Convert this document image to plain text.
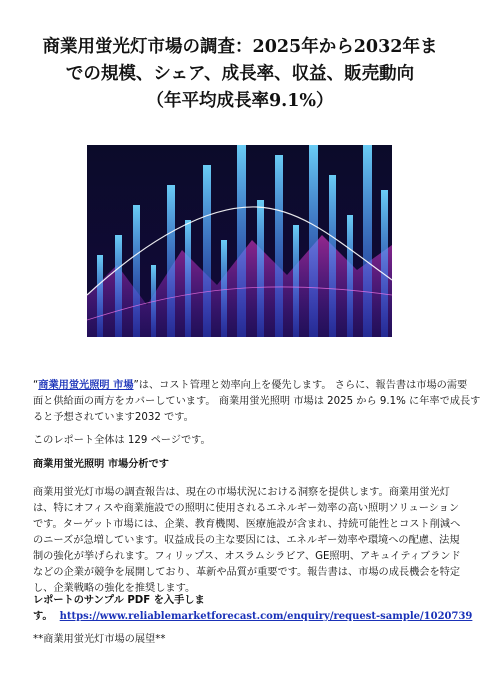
商業用蛍光灯市場の調査：2025年から2032年ま
での規模、シェア、成長率、収益、販売動向
（年平均成長率9.1%）

“商業用蛍光照明 市場”は、コスト管理と効率向上を優先します。 さらに、報告書は市場の需要
面と供給面の両方をカバーしています。 商業用蛍光照明 市場は 2025 から 9.1% に年率で成長す
ると予想されています2032 です。

このレポート全体は 129 ページです。

商業用蛍光照明 市場分析です

商業用蛍光灯市場の調査報告は、現在の市場状況における洞察を提供します。商業用蛍光灯
は、特にオフィスや商業施設での照明に使用されるエネルギー効率の高い照明ソリューション
です。ターゲット市場には、企業、教育機関、医療施設が含まれ、持続可能性とコスト削減へ
のニーズが急増しています。収益成長の主な要因には、エネルギー効率や環境への配慮、法規
制の強化が挙げられます。フィリップス、オスラムシラビア、GE照明、アキュイティブランド
などの企業が競争を展開しており、革新や品質が重要です。報告書は、市場の成長機会を特定
し、企業戦略の強化を推奨します。

レポートのサンプル PDF を入手しま
す。 https://www.reliablemarketforecast.com/enquiry/request-sample/1020739

**商業用蛍光灯市場の展望**
